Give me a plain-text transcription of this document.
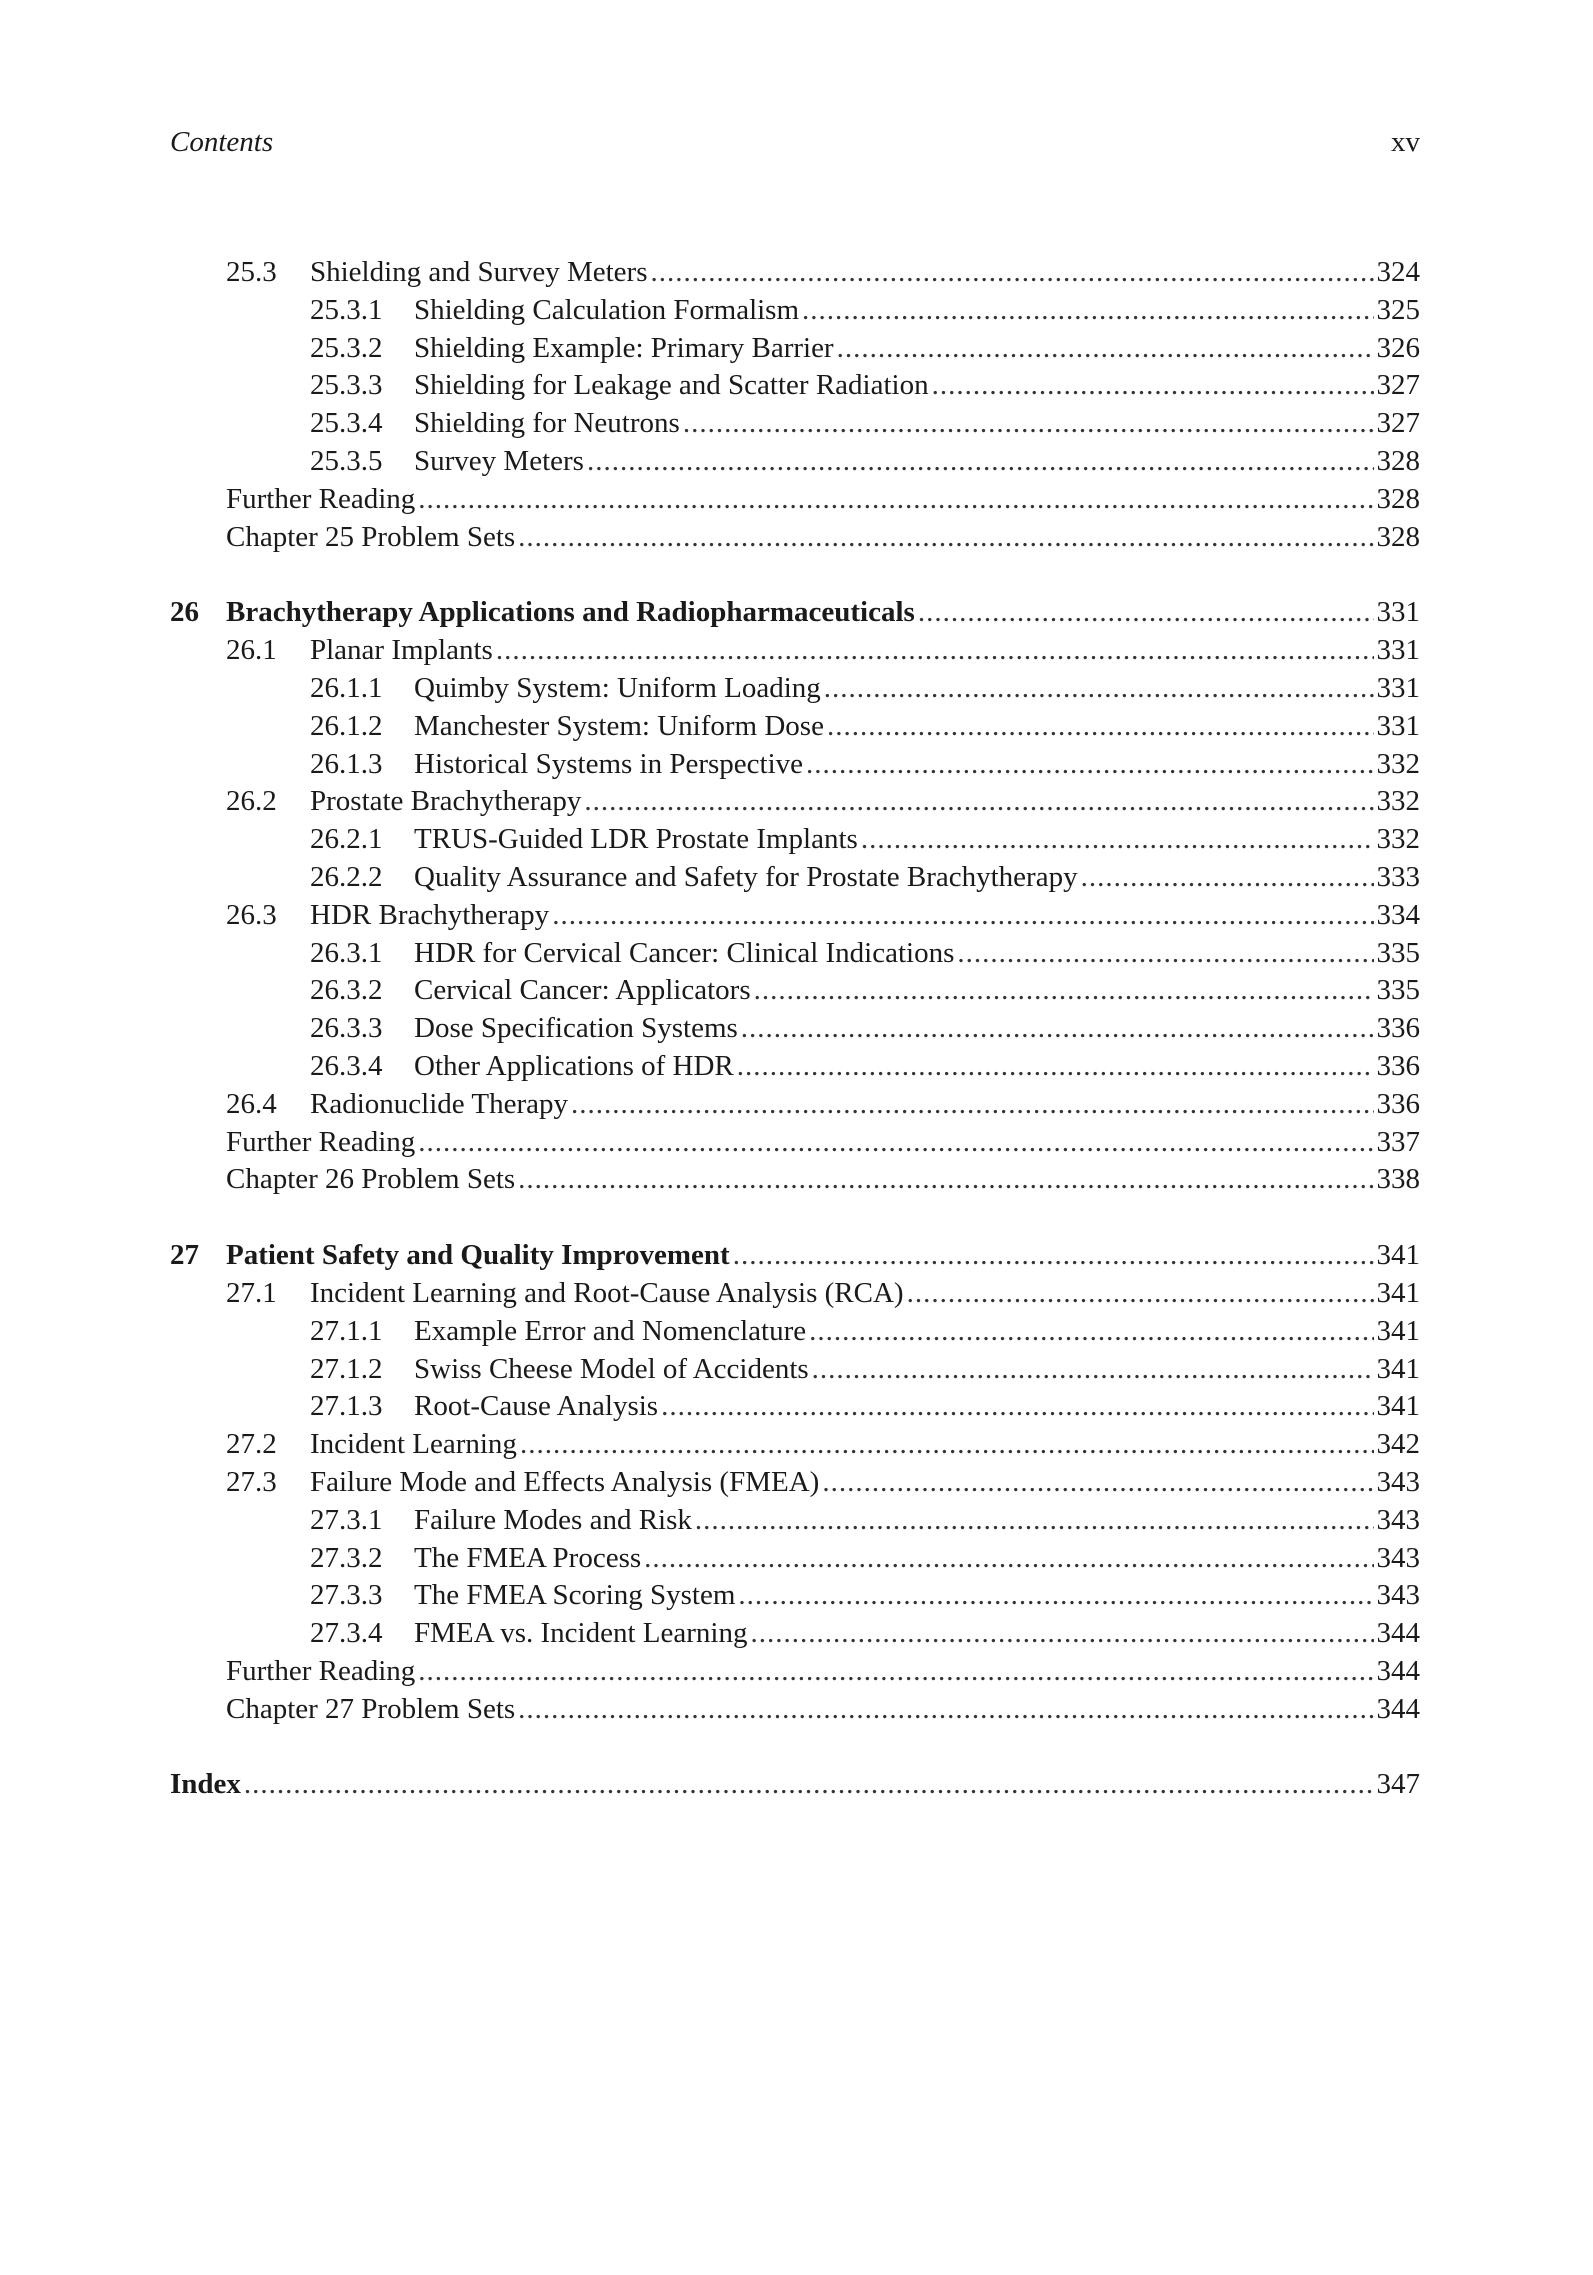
Contents	xv
25.3	Shielding and Survey Meters .....	324
25.3.1	Shielding Calculation Formalism .....	325
25.3.2	Shielding Example: Primary Barrier .....	326
25.3.3	Shielding for Leakage and Scatter Radiation .....	327
25.3.4	Shielding for Neutrons .....	327
25.3.5	Survey Meters .....	328
Further Reading .....	328
Chapter 25 Problem Sets .....	328
26 Brachytherapy Applications and Radiopharmaceuticals .....	331
26.1	Planar Implants .....	331
26.1.1	Quimby System: Uniform Loading .....	331
26.1.2	Manchester System: Uniform Dose .....	331
26.1.3	Historical Systems in Perspective .....	332
26.2	Prostate Brachytherapy .....	332
26.2.1	TRUS-Guided LDR Prostate Implants .....	332
26.2.2	Quality Assurance and Safety for Prostate Brachytherapy .....	333
26.3	HDR Brachytherapy .....	334
26.3.1	HDR for Cervical Cancer: Clinical Indications .....	335
26.3.2	Cervical Cancer: Applicators .....	335
26.3.3	Dose Specification Systems .....	336
26.3.4	Other Applications of HDR .....	336
26.4	Radionuclide Therapy .....	336
Further Reading .....	337
Chapter 26 Problem Sets .....	338
27 Patient Safety and Quality Improvement .....	341
27.1	Incident Learning and Root-Cause Analysis (RCA) .....	341
27.1.1	Example Error and Nomenclature .....	341
27.1.2	Swiss Cheese Model of Accidents .....	341
27.1.3	Root-Cause Analysis .....	341
27.2	Incident Learning .....	342
27.3	Failure Mode and Effects Analysis (FMEA) .....	343
27.3.1	Failure Modes and Risk .....	343
27.3.2	The FMEA Process .....	343
27.3.3	The FMEA Scoring System .....	343
27.3.4	FMEA vs. Incident Learning .....	344
Further Reading .....	344
Chapter 27 Problem Sets .....	344
Index .....	347
